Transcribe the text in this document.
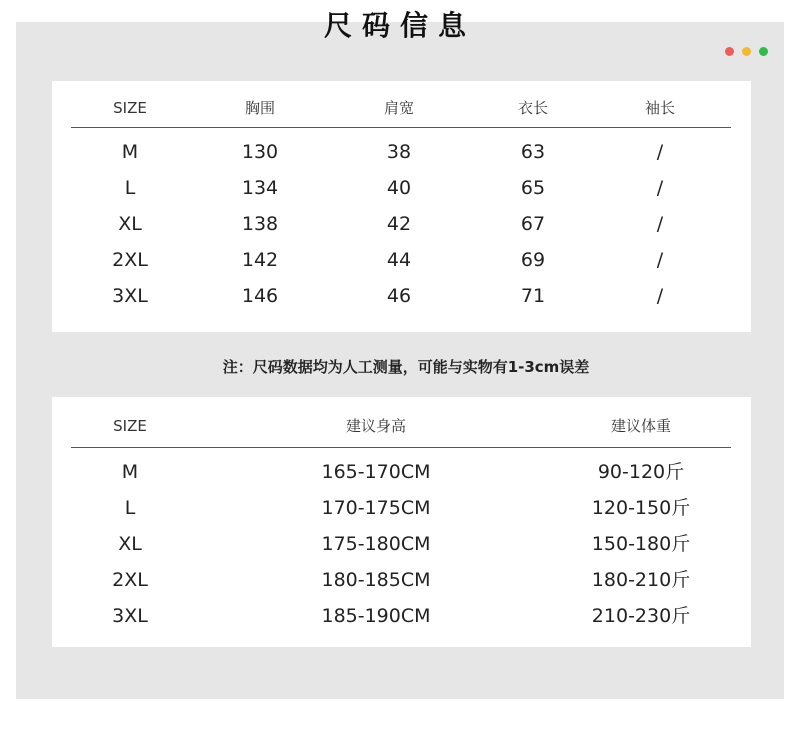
尺码信息
SIZE	胸围	肩宽	衣长	袖长
M	130	38	63	/
L	134	40	65	/
XL	138	42	67	/
2XL	142	44	69	/
3XL	146	46	71	/
注：尺码数据均为人工测量，可能与实物有1-3cm误差
SIZE	建议身高	建议体重
M	165-170CM	90-120斤
L	170-175CM	120-150斤
XL	175-180CM	150-180斤
2XL	180-185CM	180-210斤
3XL	185-190CM	210-230斤
